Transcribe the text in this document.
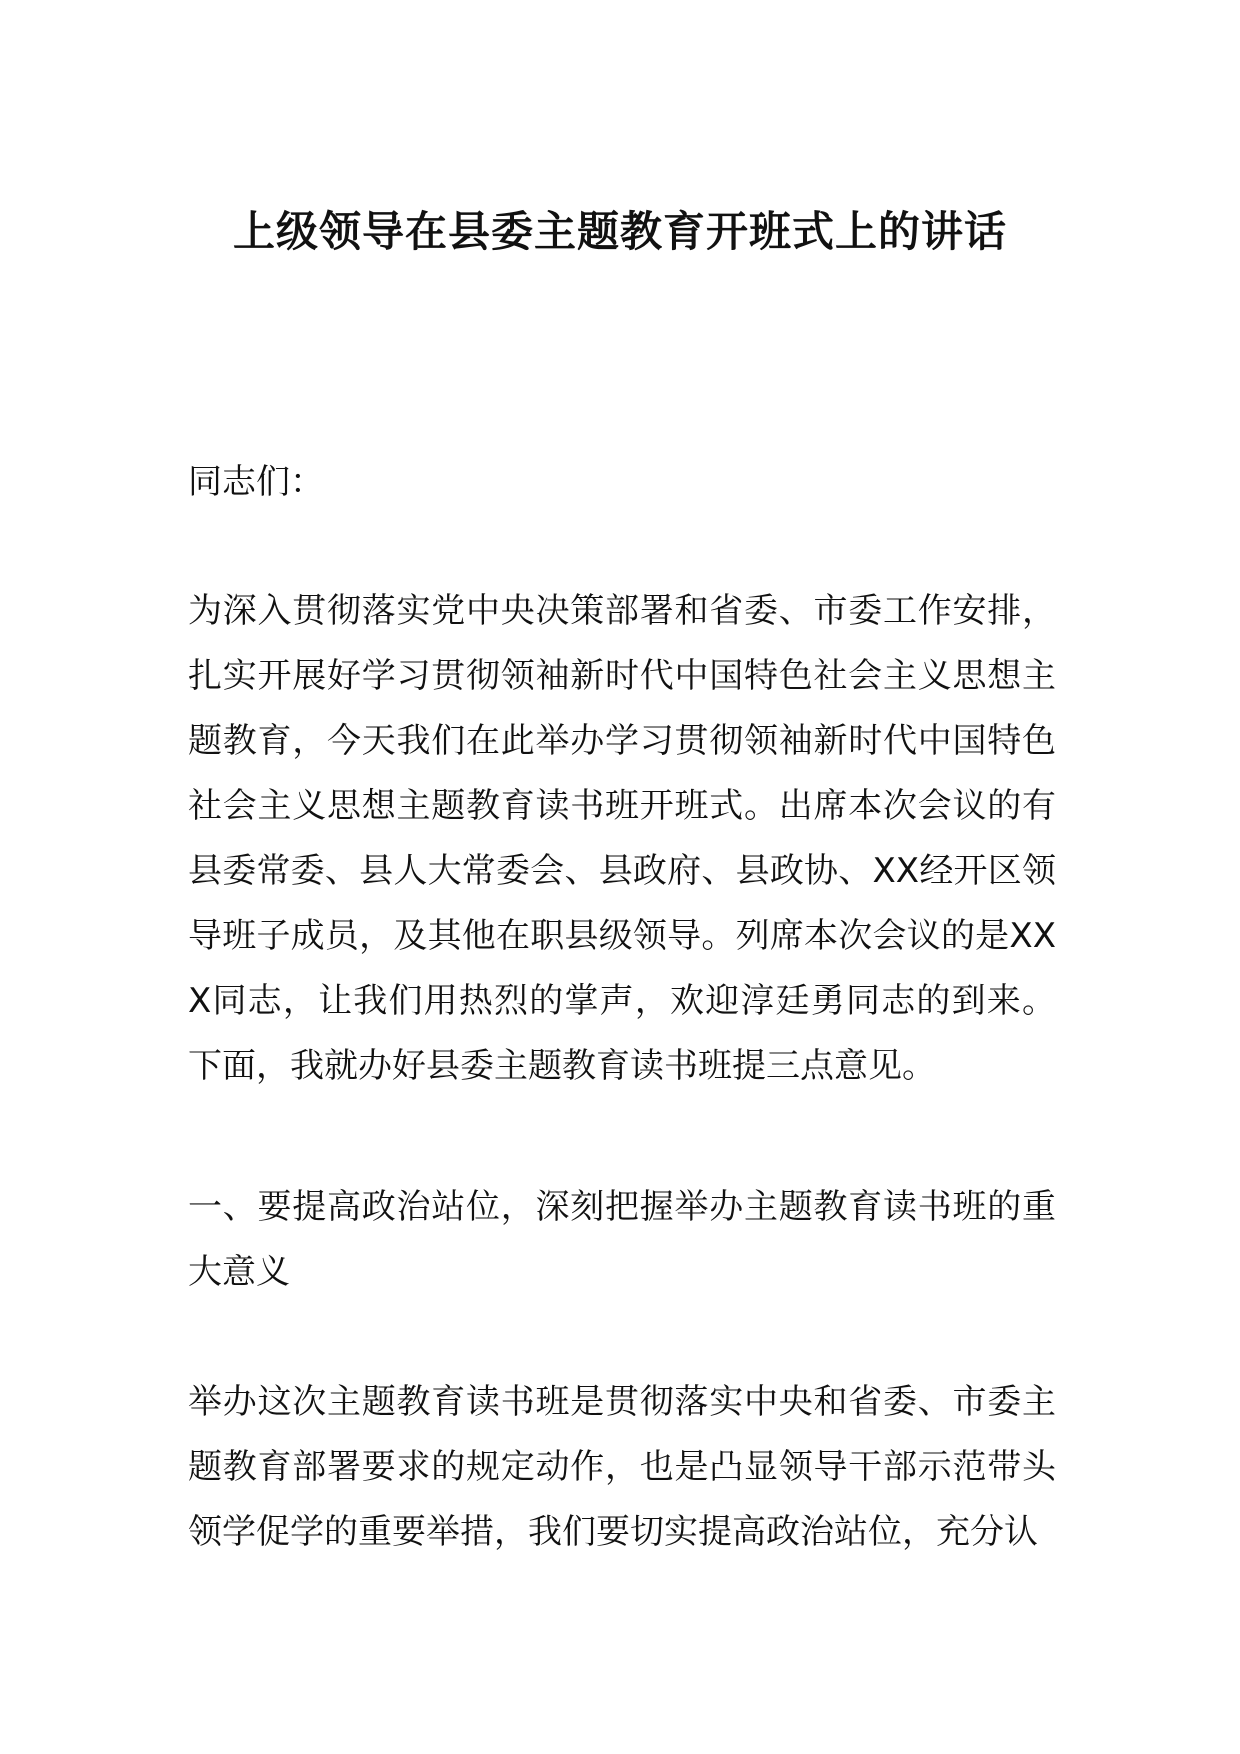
上级领导在县委主题教育开班式上的讲话

同志们：

为深入贯彻落实党中央决策部署和省委、市委工作安排，扎实开展好学习贯彻领袖新时代中国特色社会主义思想主题教育，今天我们在此举办学习贯彻领袖新时代中国特色社会主义思想主题教育读书班开班式。出席本次会议的有县委常委、县人大常委会、县政府、县政协、XX经开区领导班子成员，及其他在职县级领导。列席本次会议的是XXX同志，让我们用热烈的掌声，欢迎淳廷勇同志的到来。下面，我就办好县委主题教育读书班提三点意见。

一、要提高政治站位，深刻把握举办主题教育读书班的重大意义

举办这次主题教育读书班是贯彻落实中央和省委、市委主题教育部署要求的规定动作，也是凸显领导干部示范带头领学促学的重要举措，我们要切实提高政治站位，充分认
